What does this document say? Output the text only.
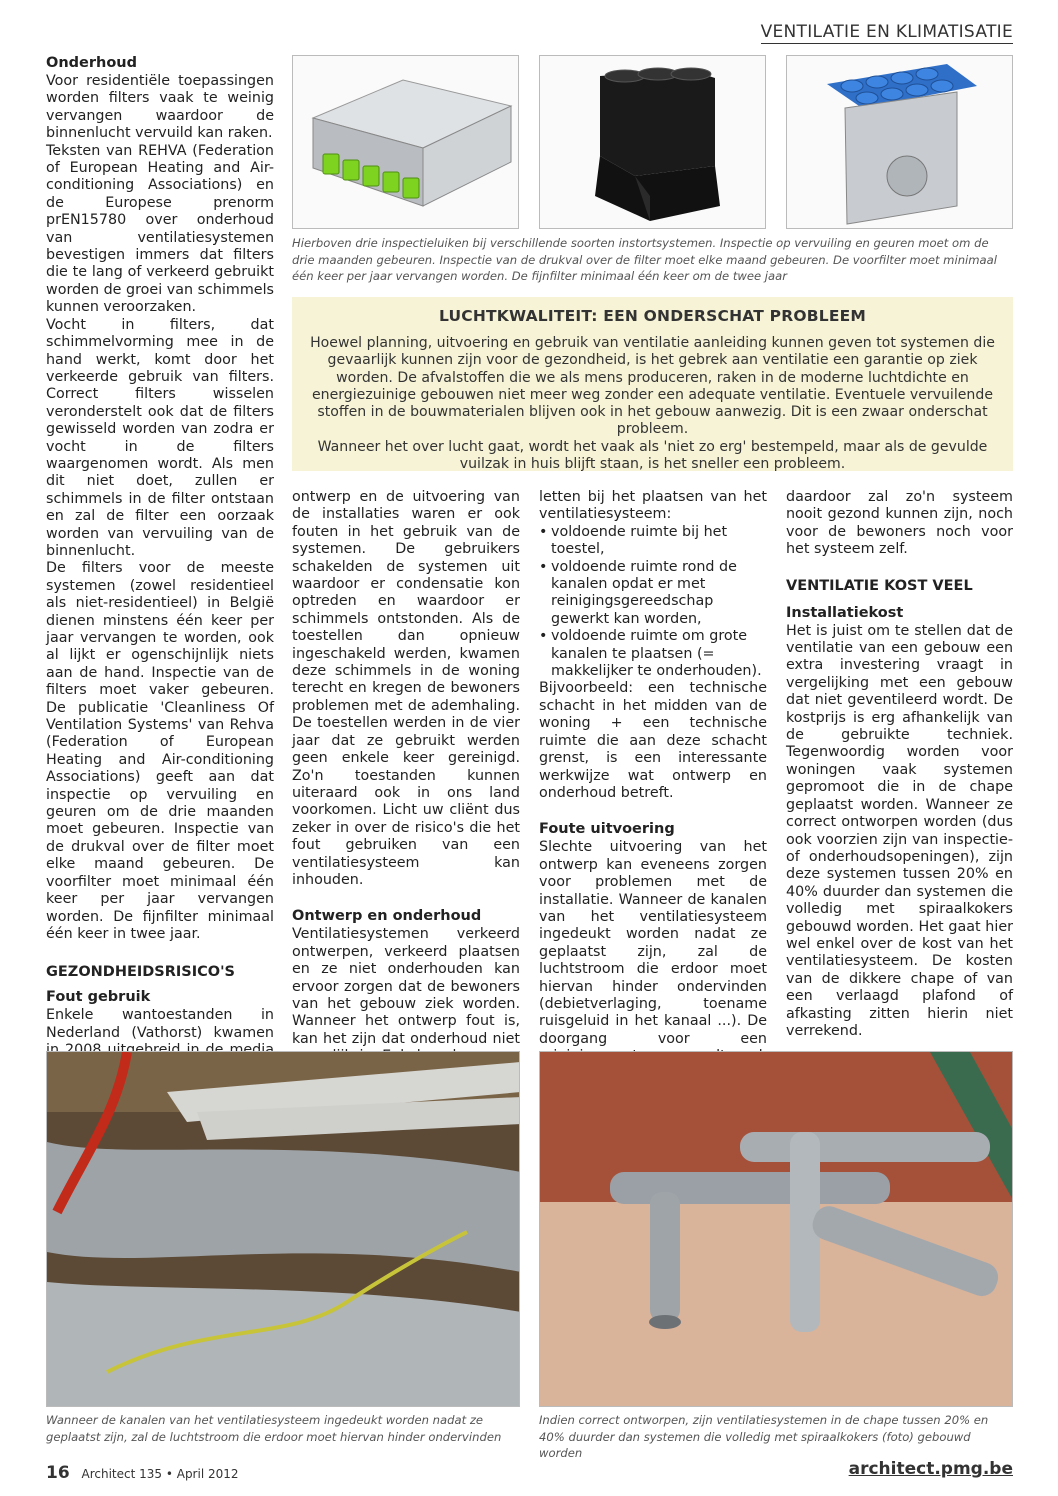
VENTILATIE EN KLIMATISATIE
Hierboven drie inspectieluiken bij verschillende soorten instortsystemen. Inspectie op vervuiling en geuren moet om de drie maanden gebeuren. Inspectie van de drukval over de filter moet elke maand gebeuren. De voorfilter moet minimaal één keer per jaar vervangen worden. De fijnfilter minimaal één keer om de twee jaar
Onderhoud

Voor residentiële toepassingen worden filters vaak te weinig vervangen waardoor de binnenlucht vervuild kan raken.

Teksten van REHVA (Federation of European Heating and Air-conditioning Associations) en de Europese prenorm prEN15780 over onderhoud van ventilatiesystemen bevestigen immers dat filters die te lang of verkeerd gebruikt worden de groei van schimmels kunnen veroorzaken.

Vocht in filters, dat schimmelvorming mee in de hand werkt, komt door het verkeerde gebruik van filters. Correct filters wisselen veronderstelt ook dat de filters gewisseld worden van zodra er vocht in de filters waargenomen wordt. Als men dit niet doet, zullen er schimmels in de filter ontstaan en zal de filter een oorzaak worden van vervuiling van de binnenlucht.

De filters voor de meeste systemen (zowel residentieel als niet-residentieel) in België dienen minstens één keer per jaar vervangen te worden, ook al lijkt er ogenschijnlijk niets aan de hand. Inspectie van de filters moet vaker gebeuren. De publicatie 'Cleanliness Of Ventilation Systems' van Rehva (Federation of European Heating and Air-conditioning Associations) geeft aan dat inspectie op vervuiling en geuren om de drie maanden moet gebeuren. Inspectie van de drukval over de filter moet elke maand gebeuren. De voorfilter moet minimaal één keer per jaar vervangen worden. De fijnfilter minimaal één keer in twee jaar.

GEZONDHEIDSRISICO'S
Fout gebruik

Enkele wantoestanden in Nederland (Vathorst) kwamen

LUCHTKWALITEIT: EEN ONDERSCHAT PROBLEEM

Hoewel planning, uitvoering en gebruik van ventilatie aanleiding kunnen geven tot systemen die gevaarlijk kunnen zijn voor de gezondheid, is het gebrek aan ventilatie een garantie op ziek worden. De afvalstoffen die we als mens produceren, raken in de moderne luchtdichte en energiezuinige gebouwen niet meer weg zonder een adequate ventilatie. Eventuele vervuilende stoffen in de bouwmaterialen blijven ook in het gebouw aanwezig. Dit is een zwaar onderschat probleem.

Wanneer het over lucht gaat, wordt het vaak als 'niet zo erg' bestempeld, maar als de gevulde vuilzak in huis blijft staan, is het sneller een probleem.

ontwerp en de uitvoering van de installaties waren er ook fouten in het gebruik van de systemen. De gebruikers schakelden de systemen uit waardoor er condensatie kon optreden en waardoor er schimmels ontstonden. Als de toestellen dan opnieuw ingeschakeld werden, kwamen deze schimmels in de woning terecht en kregen de bewoners problemen met de ademhaling. De toestellen werden in de vier jaar dat ze gebruikt werden geen enkele keer gereinigd. Zo'n toestanden kunnen uiteraard ook in ons land voorkomen. Licht uw cliënt dus zeker in over de risico's die het fout gebruiken van een ventilatiesysteem kan inhouden.

Ontwerp en onderhoud

Ventilatiesystemen verkeerd ontwerpen, verkeerd plaatsen en ze niet onderhouden kan ervoor zorgen dat de bewoners van het gebouw ziek worden. Wanneer het ontwerp fout is, kan het zijn dat onderhoud niet

letten bij het plaatsen van het ventilatiesysteem:

• voldoende ruimte bij het toestel,
• voldoende ruimte rond de kanalen opdat er met reinigingsgereedschap gewerkt kan worden,
• voldoende ruimte om grote kanalen te plaatsen (= makkelijker te onderhouden).

Bijvoorbeeld: een technische schacht in het midden van de woning + een technische ruimte die aan deze schacht grenst, is een interessante werkwijze wat ontwerp en onderhoud betreft.

Foute uitvoering

Slechte uitvoering van het ontwerp kan eveneens zorgen voor problemen met de installatie. Wanneer de kanalen van het ventilatiesysteem ingedeukt worden nadat ze geplaatst zijn, zal de luchtstroom die erdoor moet hiervan hinder ondervinden (debietverlaging, toename ruisgeluid in het kanaal ...). De doorgang voor een

daardoor zal zo'n systeem nooit gezond kunnen zijn, noch voor de bewoners noch voor het systeem zelf.

VENTILATIE KOST VEEL
Installatiekost

Het is juist om te stellen dat de ventilatie van een gebouw een extra investering vraagt in vergelijking met een gebouw dat niet geventileerd wordt. De kostprijs is erg afhankelijk van de gebruikte techniek. Tegenwoordig worden voor woningen vaak systemen gepromoot die in de chape geplaatst worden. Wanneer ze correct ontworpen worden (dus ook voorzien zijn van inspectie- of onderhoudsopeningen), zijn deze systemen tussen 20% en 40% duurder dan systemen die volledig met spiraalkokers gebouwd worden. Het gaat hier wel enkel over de kost van het ventilatiesysteem. De kosten van de dikkere chape of van een verlaagd plafond of afkasting zitten hierin niet verrekend.

Wanneer de kanalen van het ventilatiesysteem ingedeukt worden nadat ze geplaatst zijn, zal de luchtstroom die erdoor moet hiervan hinder ondervinden
Indien correct ontworpen, zijn ventilatiesystemen in de chape tussen 20% en 40% duurder dan systemen die volledig met spiraalkokers (foto) gebouwd worden
16 Architect 135 • April 2012	architect.pmg.be
